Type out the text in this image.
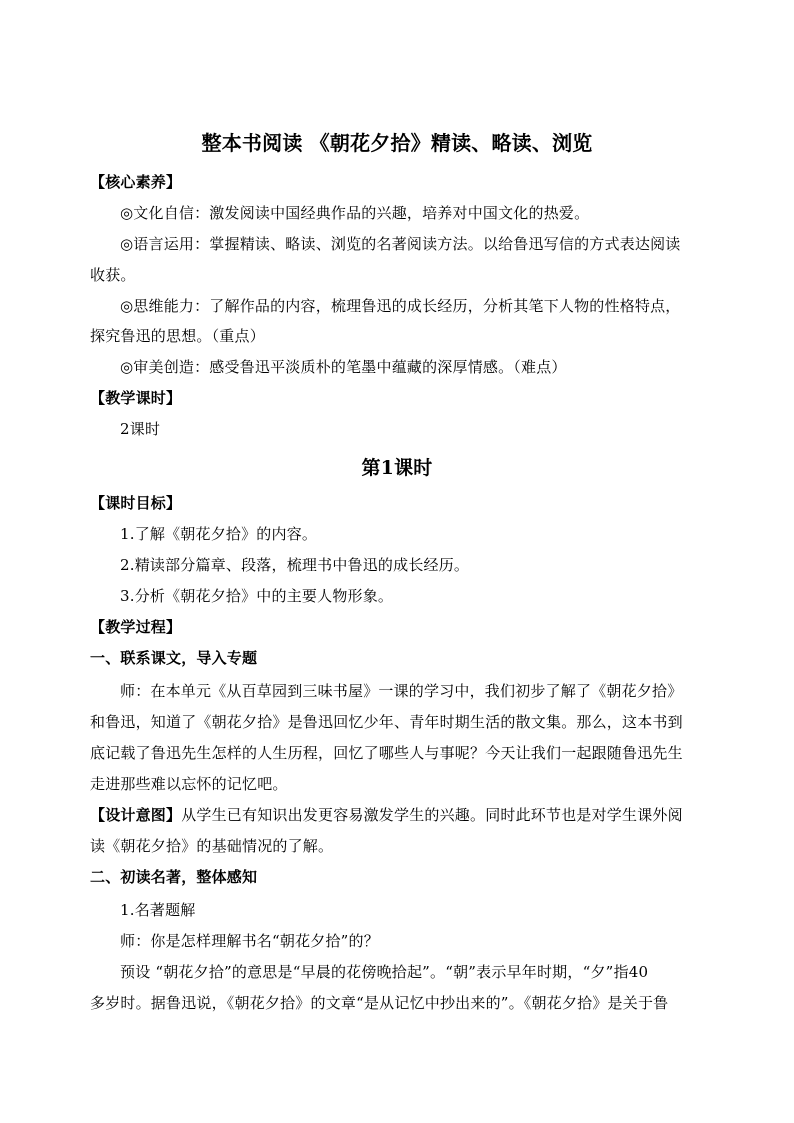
整本书阅读 《朝花夕拾》精读、略读、浏览
【核心素养】
◎文化自信：激发阅读中国经典作品的兴趣，培养对中国文化的热爱。
◎语言运用：掌握精读、略读、浏览的名著阅读方法。以给鲁迅写信的方式表达阅读
收获。
◎思维能力：了解作品的内容，梳理鲁迅的成长经历，分析其笔下人物的性格特点，
探究鲁迅的思想。（重点）
◎审美创造：感受鲁迅平淡质朴的笔墨中蕴藏的深厚情感。（难点）
【教学课时】
2课时
第1课时
【课时目标】
1.了解《朝花夕拾》的内容。
2.精读部分篇章、段落，梳理书中鲁迅的成长经历。
3.分析《朝花夕拾》中的主要人物形象。
【教学过程】
一、联系课文，导入专题
师：在本单元《从百草园到三味书屋》一课的学习中，我们初步了解了《朝花夕拾》
和鲁迅，知道了《朝花夕拾》是鲁迅回忆少年、青年时期生活的散文集。那么，这本书到
底记载了鲁迅先生怎样的人生历程，回忆了哪些人与事呢？今天让我们一起跟随鲁迅先生
走进那些难以忘怀的记忆吧。
【设计意图】从学生已有知识出发更容易激发学生的兴趣。同时此环节也是对学生课外阅
读《朝花夕拾》的基础情况的了解。
二、初读名著，整体感知
1.名著题解
师：你是怎样理解书名“朝花夕拾”的？
预设 “朝花夕拾”的意思是“早晨的花傍晚拾起”。“朝”表示早年时期，“夕”指40
多岁时。据鲁迅说，《朝花夕拾》的文章“是从记忆中抄出来的”。《朝花夕拾》是关于鲁
